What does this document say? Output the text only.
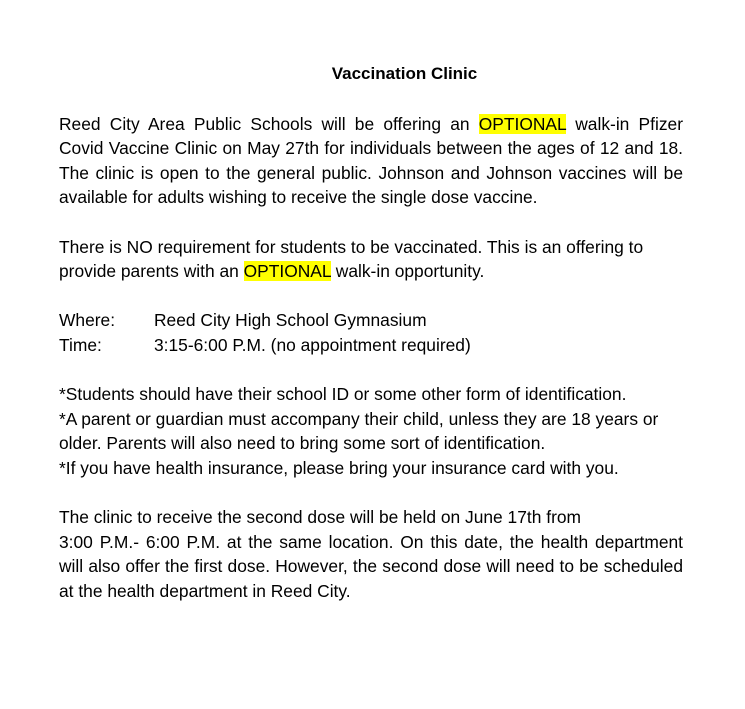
Vaccination Clinic

Reed City Area Public Schools will be offering an OPTIONAL walk-in Pfizer Covid Vaccine Clinic on May 27th for individuals between the ages of 12 and 18. The clinic is open to the general public. Johnson and Johnson vaccines will be available for adults wishing to receive the single dose vaccine.

There is NO requirement for students to be vaccinated. This is an offering to provide parents with an OPTIONAL walk-in opportunity.

Where:	Reed City High School Gymnasium
Time:	3:15-6:00 P.M. (no appointment required)

*Students should have their school ID or some other form of identification.

*A parent or guardian must accompany their child, unless they are 18 years or older. Parents will also need to bring some sort of identification.

*If you have health insurance, please bring your insurance card with you.

The clinic to receive the second dose will be held on June 17th from

3:00 P.M.- 6:00 P.M. at the same location. On this date, the health department will also offer the first dose. However, the second dose will need to be scheduled at the health department in Reed City.
